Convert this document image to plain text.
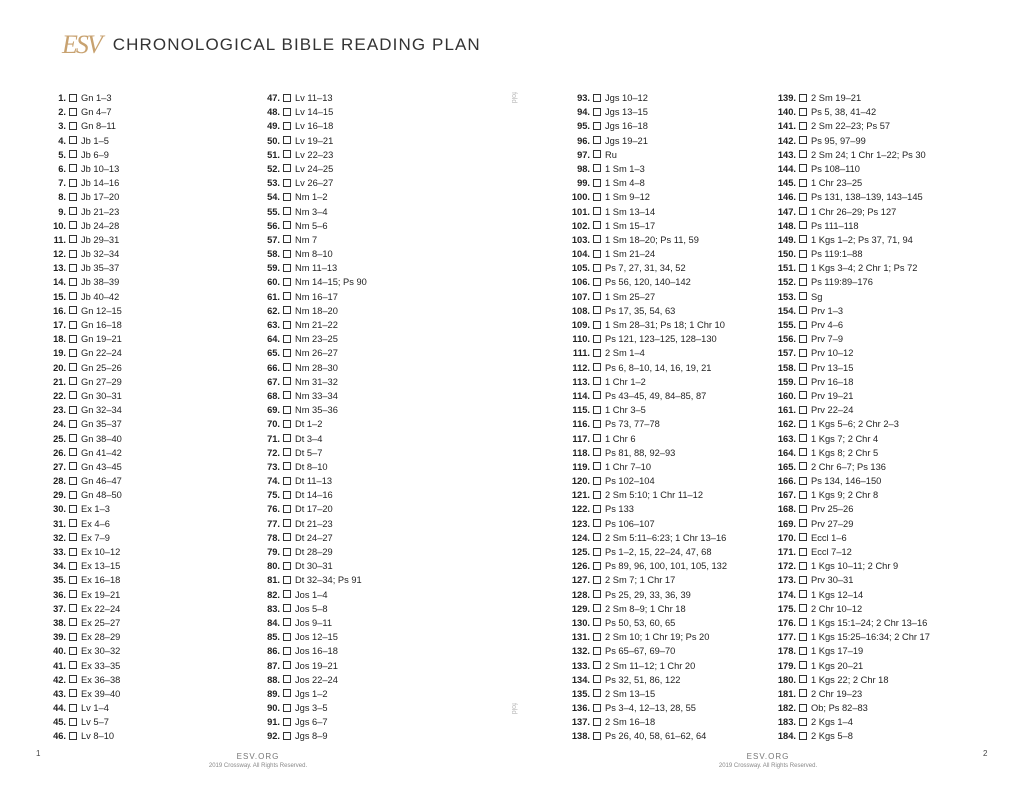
ESV CHRONOLOGICAL BIBLE READING PLAN
1. Gn 1–3
2. Gn 4–7
3. Gn 8–11
4. Jb 1–5
5. Jb 6–9
6. Jb 10–13
7. Jb 14–16
8. Jb 17–20
9. Jb 21–23
10. Jb 24–28
11. Jb 29–31
12. Jb 32–34
13. Jb 35–37
14. Jb 38–39
15. Jb 40–42
16. Gn 12–15
17. Gn 16–18
18. Gn 19–21
19. Gn 22–24
20. Gn 25–26
21. Gn 27–29
22. Gn 30–31
23. Gn 32–34
24. Gn 35–37
25. Gn 38–40
26. Gn 41–42
27. Gn 43–45
28. Gn 46–47
29. Gn 48–50
30. Ex 1–3
31. Ex 4–6
32. Ex 7–9
33. Ex 10–12
34. Ex 13–15
35. Ex 16–18
36. Ex 19–21
37. Ex 22–24
38. Ex 25–27
39. Ex 28–29
40. Ex 30–32
41. Ex 33–35
42. Ex 36–38
43. Ex 39–40
44. Lv 1–4
45. Lv 5–7
46. Lv 8–10
47. Lv 11–13
48. Lv 14–15
49. Lv 16–18
50. Lv 19–21
51. Lv 22–23
52. Lv 24–25
53. Lv 26–27
54. Nm 1–2
55. Nm 3–4
56. Nm 5–6
57. Nm 7
58. Nm 8–10
59. Nm 11–13
60. Nm 14–15; Ps 90
61. Nm 16–17
62. Nm 18–20
63. Nm 21–22
64. Nm 23–25
65. Nm 26–27
66. Nm 28–30
67. Nm 31–32
68. Nm 33–34
69. Nm 35–36
70. Dt 1–2
71. Dt 3–4
72. Dt 5–7
73. Dt 8–10
74. Dt 11–13
75. Dt 14–16
76. Dt 17–20
77. Dt 21–23
78. Dt 24–27
79. Dt 28–29
80. Dt 30–31
81. Dt 32–34; Ps 91
82. Jos 1–4
83. Jos 5–8
84. Jos 9–11
85. Jos 12–15
86. Jos 16–18
87. Jos 19–21
88. Jos 22–24
89. Jgs 1–2
90. Jgs 3–5
91. Jgs 6–7
92. Jgs 8–9
93. Jgs 10–12
94. Jgs 13–15
95. Jgs 16–18
96. Jgs 19–21
97. Ru
98. 1 Sm 1–3
99. 1 Sm 4–8
100. 1 Sm 9–12
101. 1 Sm 13–14
102. 1 Sm 15–17
103. 1 Sm 18–20; Ps 11, 59
104. 1 Sm 21–24
105. Ps 7, 27, 31, 34, 52
106. Ps 56, 120, 140–142
107. 1 Sm 25–27
108. Ps 17, 35, 54, 63
109. 1 Sm 28–31; Ps 18; 1 Chr 10
110. Ps 121, 123–125, 128–130
111. 2 Sm 1–4
112. Ps 6, 8–10, 14, 16, 19, 21
113. 1 Chr 1–2
114. Ps 43–45, 49, 84–85, 87
115. 1 Chr 3–5
116. Ps 73, 77–78
117. 1 Chr 6
118. Ps 81, 88, 92–93
119. 1 Chr 7–10
120. Ps 102–104
121. 2 Sm 5:10; 1 Chr 11–12
122. Ps 133
123. Ps 106–107
124. 2 Sm 5:11–6:23; 1 Chr 13–16
125. Ps 1–2, 15, 22–24, 47, 68
126. Ps 89, 96, 100, 101, 105, 132
127. 2 Sm 7; 1 Chr 17
128. Ps 25, 29, 33, 36, 39
129. 2 Sm 8–9; 1 Chr 18
130. Ps 50, 53, 60, 65
131. 2 Sm 10; 1 Chr 19; Ps 20
132. Ps 65–67, 69–70
133. 2 Sm 11–12; 1 Chr 20
134. Ps 32, 51, 86, 122
135. 2 Sm 13–15
136. Ps 3–4, 12–13, 28, 55
137. 2 Sm 16–18
138. Ps 26, 40, 58, 61–62, 64
139. 2 Sm 19–21
140. Ps 5, 38, 41–42
141. 2 Sm 22–23; Ps 57
142. Ps 95, 97–99
143. 2 Sm 24; 1 Chr 1–22; Ps 30
144. Ps 108–110
145. 1 Chr 23–25
146. Ps 131, 138–139, 143–145
147. 1 Chr 26–29; Ps 127
148. Ps 111–118
149. 1 Kgs 1–2; Ps 37, 71, 94
150. Ps 119:1–88
151. 1 Kgs 3–4; 2 Chr 1; Ps 72
152. Ps 119:89–176
153. Sg
154. Prv 1–3
155. Prv 4–6
156. Prv 7–9
157. Prv 10–12
158. Prv 13–15
159. Prv 16–18
160. Prv 19–21
161. Prv 22–24
162. 1 Kgs 5–6; 2 Chr 2–3
163. 1 Kgs 7; 2 Chr 4
164. 1 Kgs 8; 2 Chr 5
165. 2 Chr 6–7; Ps 136
166. Ps 134, 146–150
167. 1 Kgs 9; 2 Chr 8
168. Prv 25–26
169. Prv 27–29
170. Eccl 1–6
171. Eccl 7–12
172. 1 Kgs 10–11; 2 Chr 9
173. Prv 30–31
174. 1 Kgs 12–14
175. 2 Chr 10–12
176. 1 Kgs 15:1–24; 2 Chr 13–16
177. 1 Kgs 15:25–16:34; 2 Chr 17
178. 1 Kgs 17–19
179. 1 Kgs 20–21
180. 1 Kgs 22; 2 Chr 18
181. 2 Chr 19–23
182. Ob; Ps 82–83
183. 2 Kgs 1–4
184. 2 Kgs 5–8
fold
fold
1	ESV.ORG
2019 Crossway. All Rights Reserved.
ESV.ORG
2019 Crossway. All Rights Reserved.
2
